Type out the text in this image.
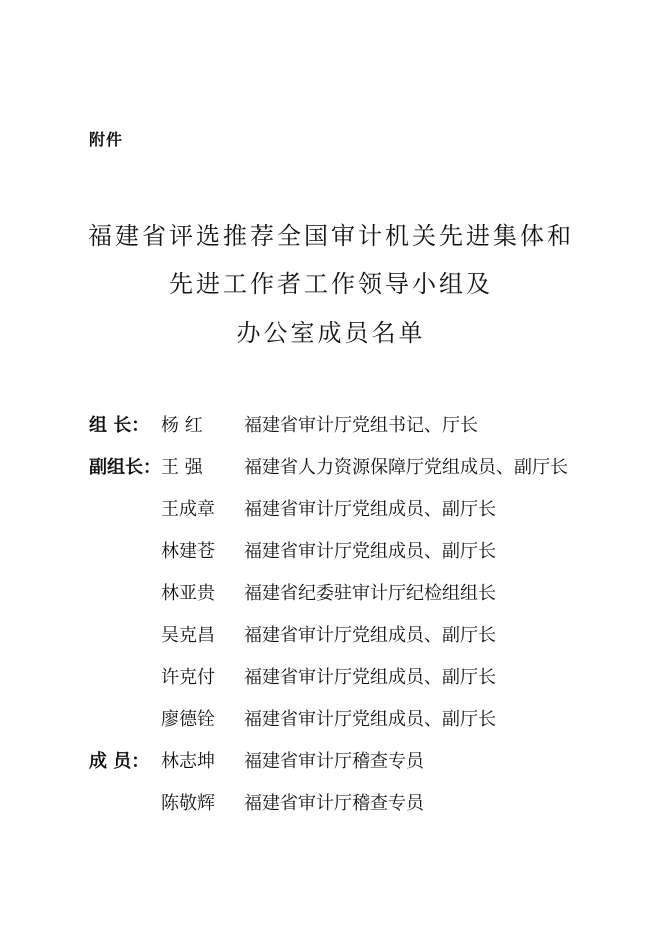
附件
福建省评选推荐全国审计机关先进集体和
先进工作者工作领导小组及
办公室成员名单
组 长： 杨 红	福建省审计厅党组书记、厅长
副组长： 王 强	福建省人力资源保障厅党组成员、副厅长
王成章 福建省审计厅党组成员、副厅长
林建苍 福建省审计厅党组成员、副厅长
林亚贵 福建省纪委驻审计厅纪检组组长
吴克昌 福建省审计厅党组成员、副厅长
许克付 福建省审计厅党组成员、副厅长
廖德铨 福建省审计厅党组成员、副厅长
成 员： 林志坤 福建省审计厅稽查专员
陈敬辉 福建省审计厅稽查专员
